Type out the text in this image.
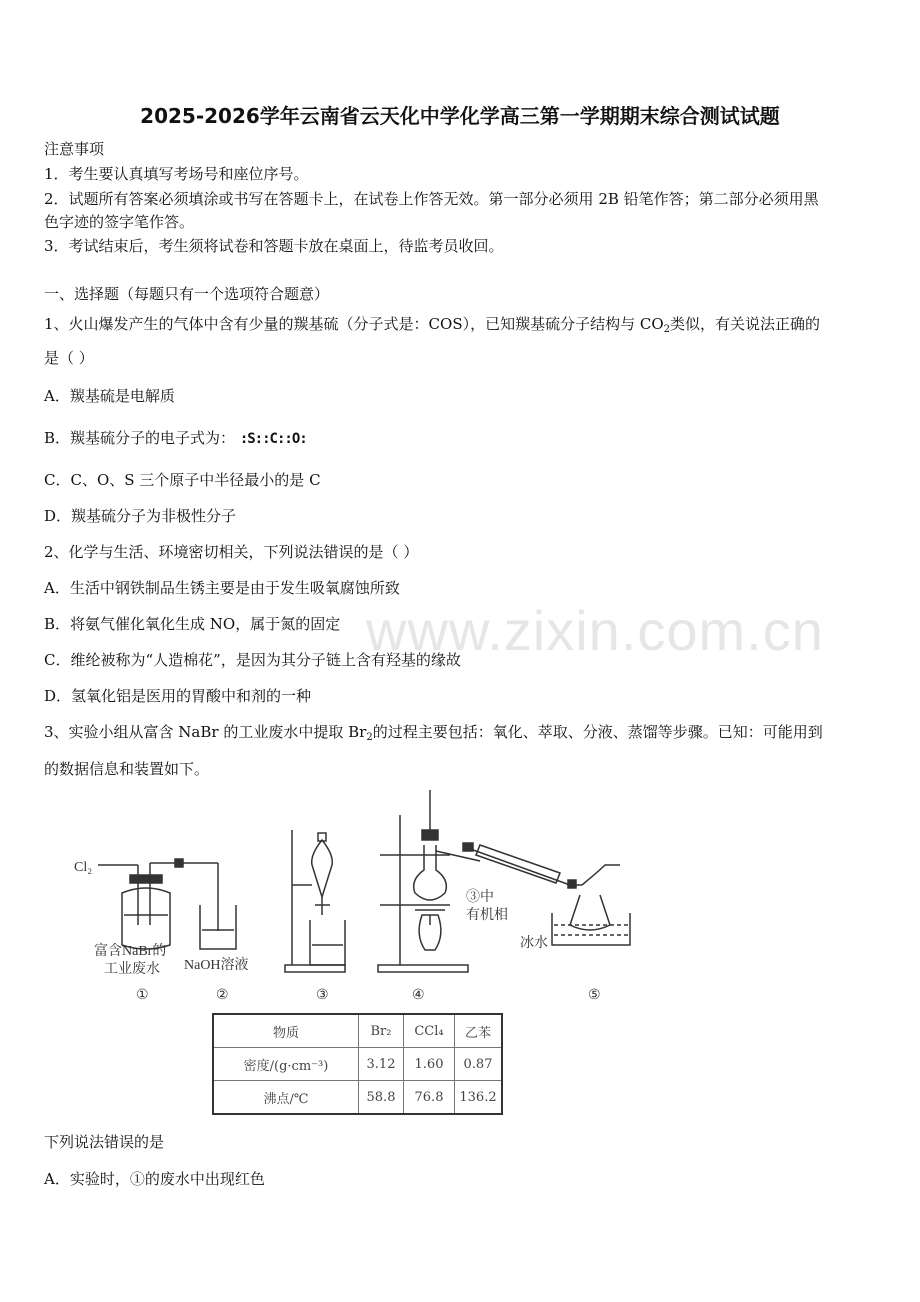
2025-2026学年云南省云天化中学化学高三第一学期期末综合测试试题
注意事项
1．考生要认真填写考场号和座位序号。
2．试题所有答案必须填涂或书写在答题卡上，在试卷上作答无效。第一部分必须用 2B 铅笔作答；第二部分必须用黑
色字迹的签字笔作答。
3．考试结束后，考生须将试卷和答题卡放在桌面上，待监考员收回。
一、选择题（每题只有一个选项符合题意）
1、火山爆发产生的气体中含有少量的羰基硫（分子式是：COS），已知羰基硫分子结构与 $CO_2$类似，有关说法正确的
是（ ）
A．羰基硫是电解质
B．羰基硫分子的电子式为： :S::C::O:
C．C、O、S 三个原子中半径最小的是 C
D．羰基硫分子为非极性分子
2、化学与生活、环境密切相关，下列说法错误的是（ ）
A．生活中钢铁制品生锈主要是由于发生吸氧腐蚀所致
B．将氨气催化氧化生成 NO，属于氮的固定
C．维纶被称为“人造棉花”，是因为其分子链上含有羟基的缘故
D．氢氧化铝是医用的胃酸中和剂的一种
www.zixin.com.cn
3、实验小组从富含 NaBr 的工业废水中提取 $Br_2$的过程主要包括：氧化、萃取、分液、蒸馏等步骤。已知：可能用到
的数据信息和装置如下。
Cl₂
富含NaBr的
工业废水 NaOH溶液
③中
有机相
冰水
①	②	③	④	⑤
物质	Br₂	CCl₄	乙苯
密度/(g·cm⁻³)	3.12	1.60	0.87
沸点/℃	58.8	76.8	136.2
下列说法错误的是
A．实验时，①的废水中出现红色
